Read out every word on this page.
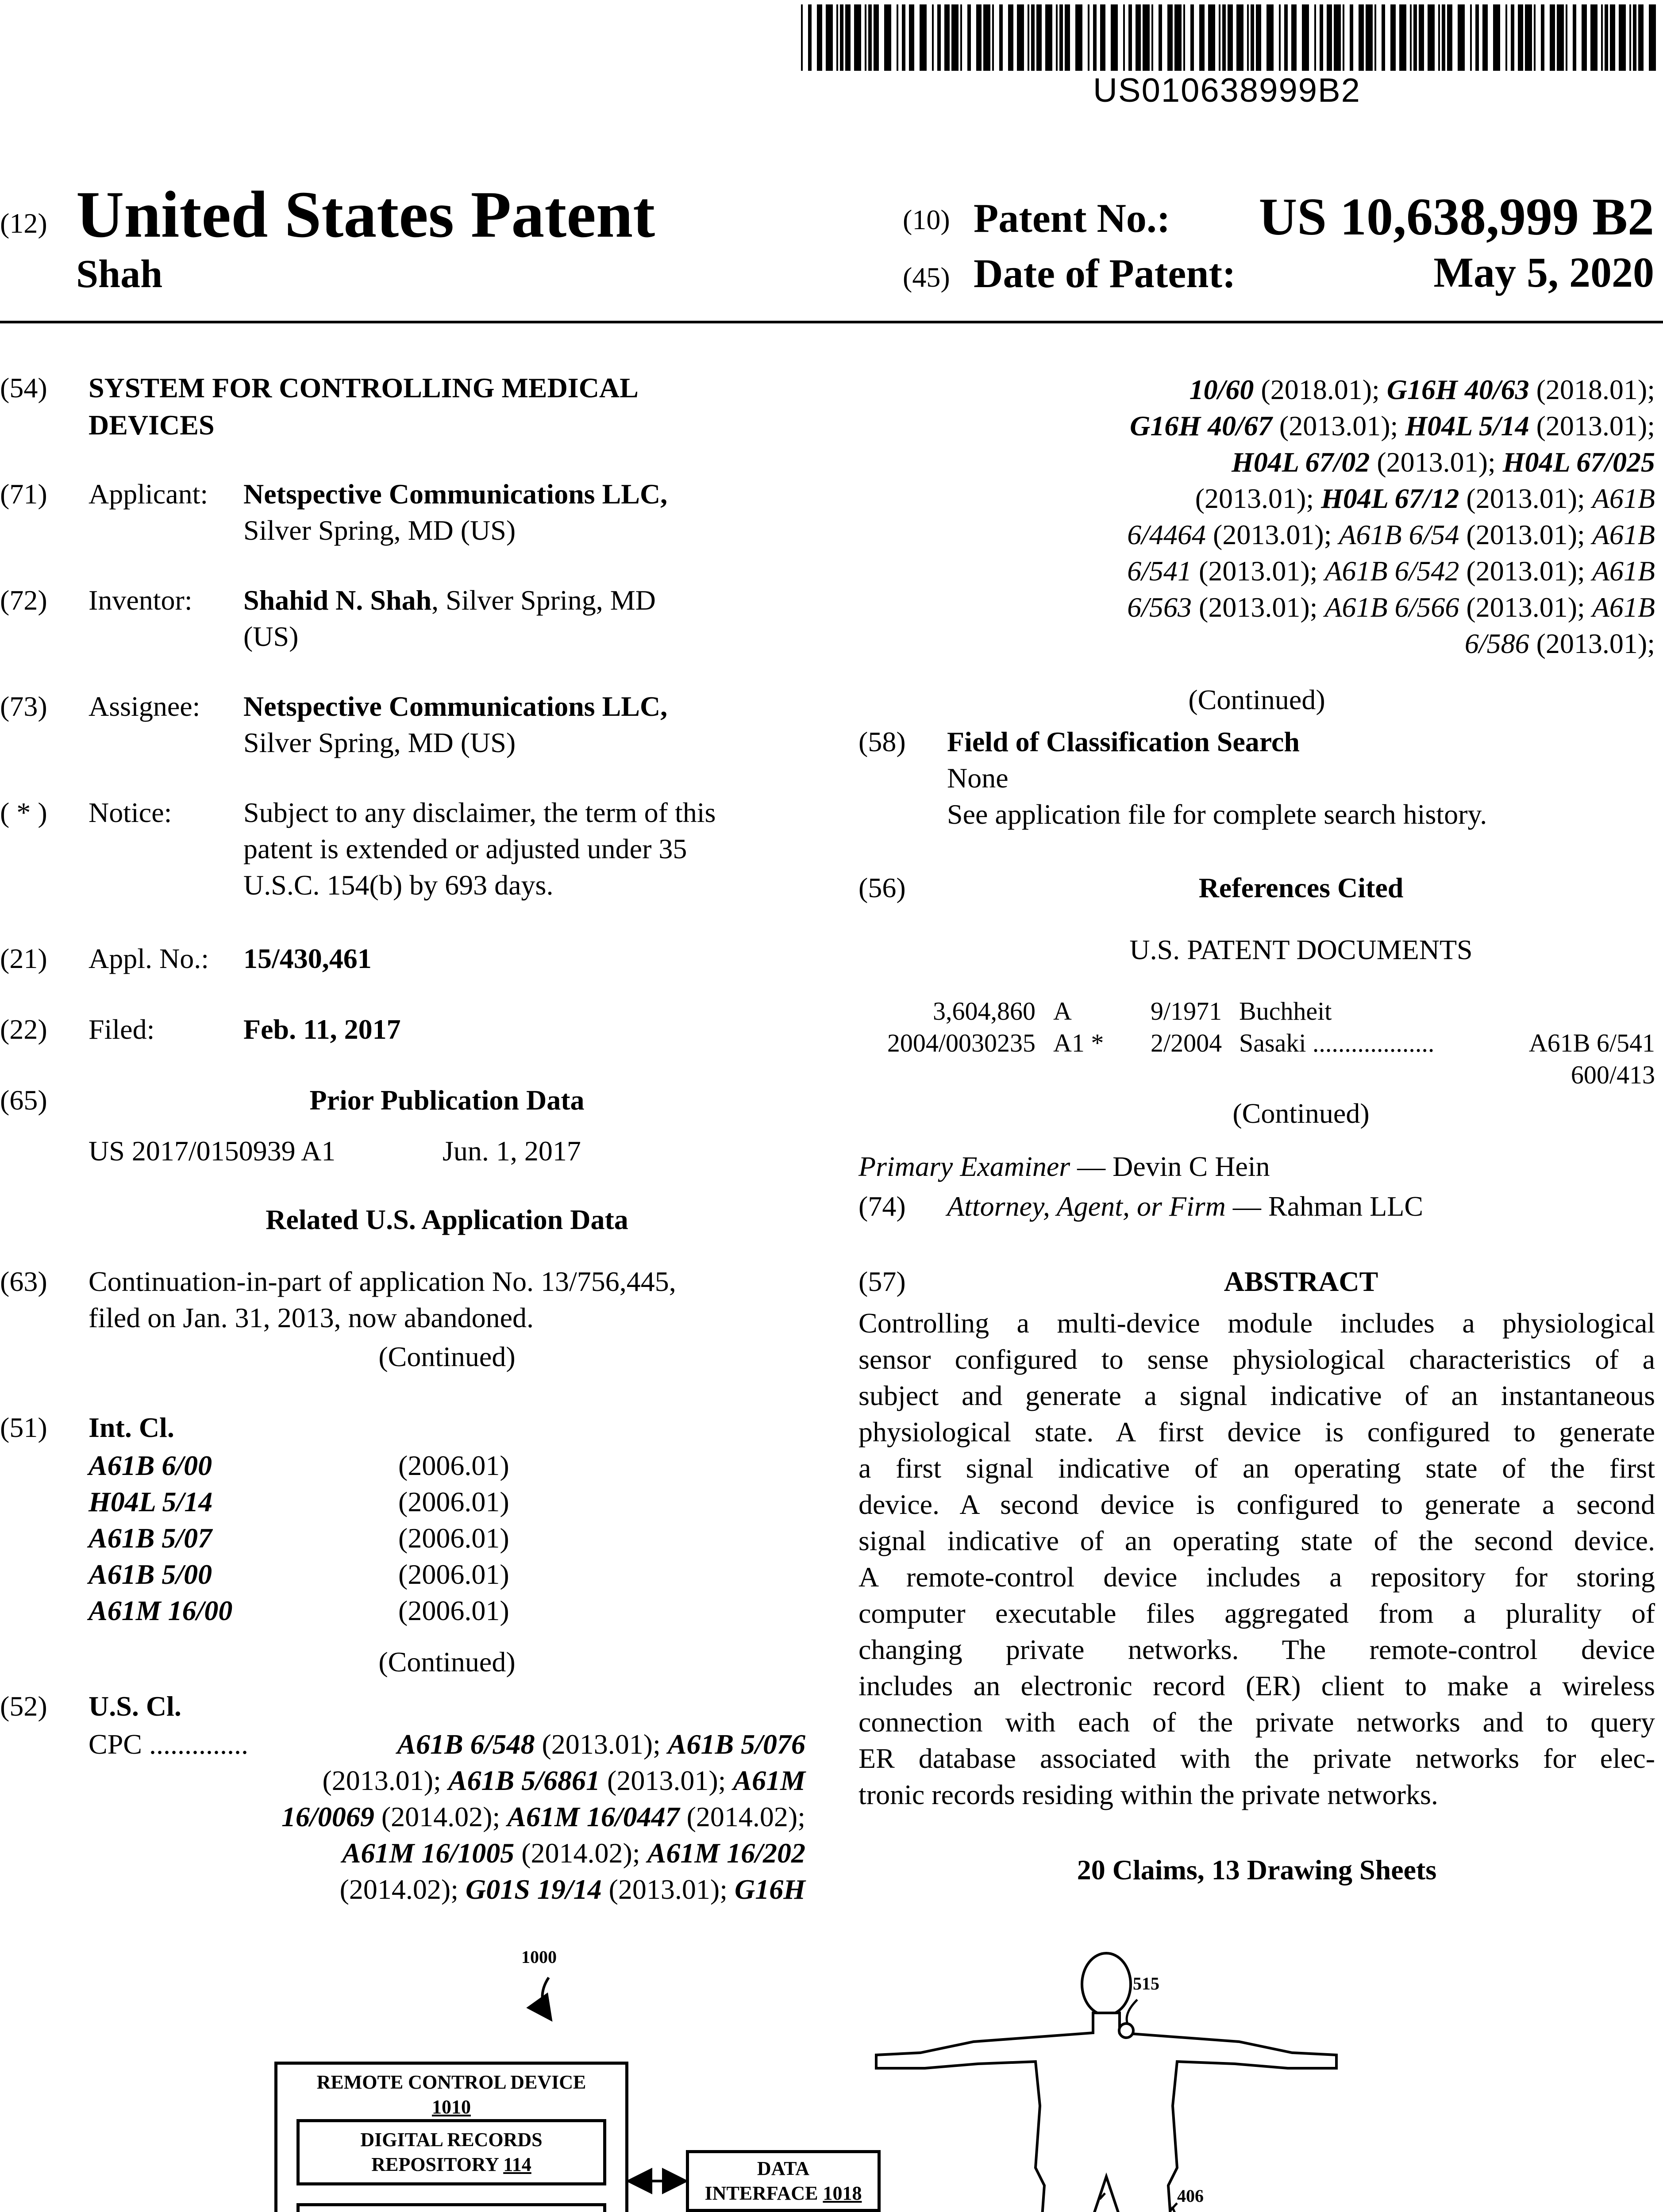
US010638999B2
(12) United States Patent
Shah
(10) Patent No.: US 10,638,999 B2
(45) Date of Patent:	May 5, 2020
(54) SYSTEM FOR CONTROLLING MEDICAL
DEVICES
(71) Applicant: Netspective Communications LLC,
Silver Spring, MD (US)
(72) Inventor: Shahid N. Shah, Silver Spring, MD
(US)
(73) Assignee: Netspective Communications LLC,
Silver Spring, MD (US)
( * ) Notice:	Subject to any disclaimer, the term of this
patent is extended or adjusted under 35
U.S.C. 154(b) by 693 days.
(21) Appl. No.: 15/430,461
(22) Filed:	Feb. 11, 2017
(65)	Prior Publication Data
US 2017/0150939 A1	Jun. 1, 2017
Related U.S. Application Data
(63) Continuation-in-part of application No. 13/756,445,
filed on Jan. 31, 2013, now abandoned.
(Continued)
(51) Int. Cl.
A61B 6/00	(2006.01)
H04L 5/14	(2006.01)
A61B 5/07	(2006.01)
A61B 5/00	(2006.01)
A61M 16/00	(2006.01)
(Continued)
(52) U.S. Cl.
CPC ..............	A61B 6/548 (2013.01); A61B 5/076
(2013.01); A61B 5/6861 (2013.01); A61M
16/0069 (2014.02); A61M 16/0447 (2014.02);
A61M 16/1005 (2014.02); A61M 16/202
(2014.02); G01S 19/14 (2013.01); G16H
10/60 (2018.01); G16H 40/63 (2018.01);
G16H 40/67 (2013.01); H04L 5/14 (2013.01);
H04L 67/02 (2013.01); H04L 67/025
(2013.01); H04L 67/12 (2013.01); A61B
6/4464 (2013.01); A61B 6/54 (2013.01); A61B
6/541 (2013.01); A61B 6/542 (2013.01); A61B
6/563 (2013.01); A61B 6/566 (2013.01); A61B
6/586 (2013.01);
(Continued)
(58) Field of Classification Search
None
See application file for complete search history.
(56)	References Cited
U.S. PATENT DOCUMENTS
3,604,860 A	9/1971 Buchheit
2004/0030235 A1 * 2/2004 Sasaki ...................	A61B 6/541
600/413
(Continued)
Primary Examiner — Devin C Hein
(74) Attorney, Agent, or Firm — Rahman LLC
(57)	ABSTRACT
Controlling a multi-device module includes a physiological
sensor configured to sense physiological characteristics of a
subject and generate a signal indicative of an instantaneous
physiological state. A first device is configured to generate
a first signal indicative of an operating state of the first
device. A second device is configured to generate a second
signal indicative of an operating state of the second device.
A remote-control device includes a repository for storing
computer executable files aggregated from a plurality of
changing private networks. The remote-control device
includes an electronic record (ER) client to make a wireless
connection with each of the private networks and to query
ER database associated with the private networks for elec-
tronic records residing within the private networks.
20 Claims, 13 Drawing Sheets
1000
515
406
REMOTE CONTROL DEVICE
1010
DIGITAL RECORDS
REPOSITORY 114	DATA
INTERFACE 1018
